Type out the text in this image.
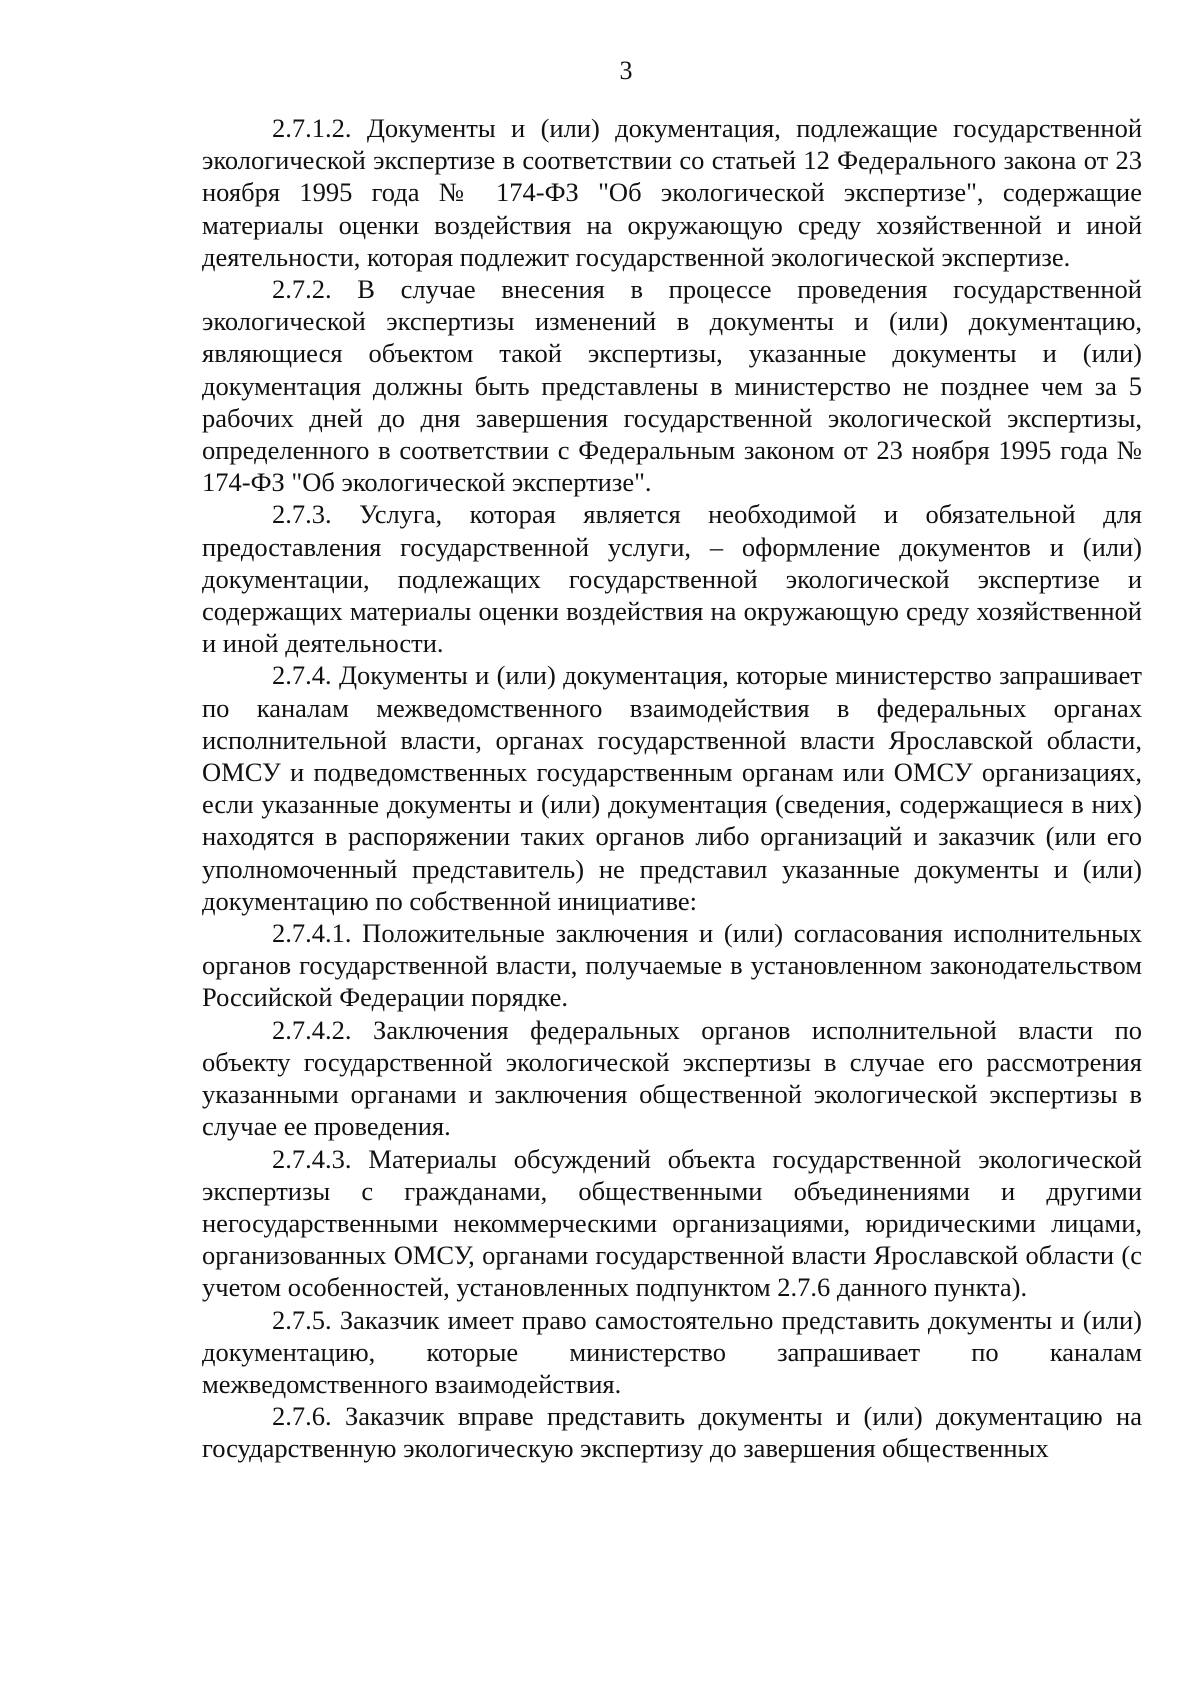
3

2.7.1.2. Документы и (или) документация, подлежащие государственной экологической экспертизе в соответствии со статьей 12 Федерального закона от 23 ноября 1995 года № 174-ФЗ "Об экологической экспертизе", содержащие материалы оценки воздействия на окружающую среду хозяйственной и иной деятельности, которая подлежит государственной экологической экспертизе.

2.7.2. В случае внесения в процессе проведения государственной экологической экспертизы изменений в документы и (или) документацию, являющиеся объектом такой экспертизы, указанные документы и (или) документация должны быть представлены в министерство не позднее чем за 5 рабочих дней до дня завершения государственной экологической экспертизы, определенного в соответствии с Федеральным законом от 23 ноября 1995 года № 174-ФЗ "Об экологической экспертизе".

2.7.3. Услуга, которая является необходимой и обязательной для предоставления государственной услуги, – оформление документов и (или) документации, подлежащих государственной экологической экспертизе и содержащих материалы оценки воздействия на окружающую среду хозяйственной и иной деятельности.

2.7.4. Документы и (или) документация, которые министерство запрашивает по каналам межведомственного взаимодействия в федеральных органах исполнительной власти, органах государственной власти Ярославской области, ОМСУ и подведомственных государственным органам или ОМСУ организациях, если указанные документы и (или) документация (сведения, содержащиеся в них) находятся в распоряжении таких органов либо организаций и заказчик (или его уполномоченный представитель) не представил указанные документы и (или) документацию по собственной инициативе:

2.7.4.1. Положительные заключения и (или) согласования исполнительных органов государственной власти, получаемые в установленном законодательством Российской Федерации порядке.

2.7.4.2. Заключения федеральных органов исполнительной власти по объекту государственной экологической экспертизы в случае его рассмотрения указанными органами и заключения общественной экологической экспертизы в случае ее проведения.

2.7.4.3. Материалы обсуждений объекта государственной экологической экспертизы с гражданами, общественными объединениями и другими негосударственными некоммерческими организациями, юридическими лицами, организованных ОМСУ, органами государственной власти Ярославской области (с учетом особенностей, установленных подпунктом 2.7.6 данного пункта).

2.7.5. Заказчик имеет право самостоятельно представить документы и (или) документацию, которые министерство запрашивает по каналам межведомственного взаимодействия.

2.7.6. Заказчик вправе представить документы и (или) документацию на государственную экологическую экспертизу до завершения общественных
